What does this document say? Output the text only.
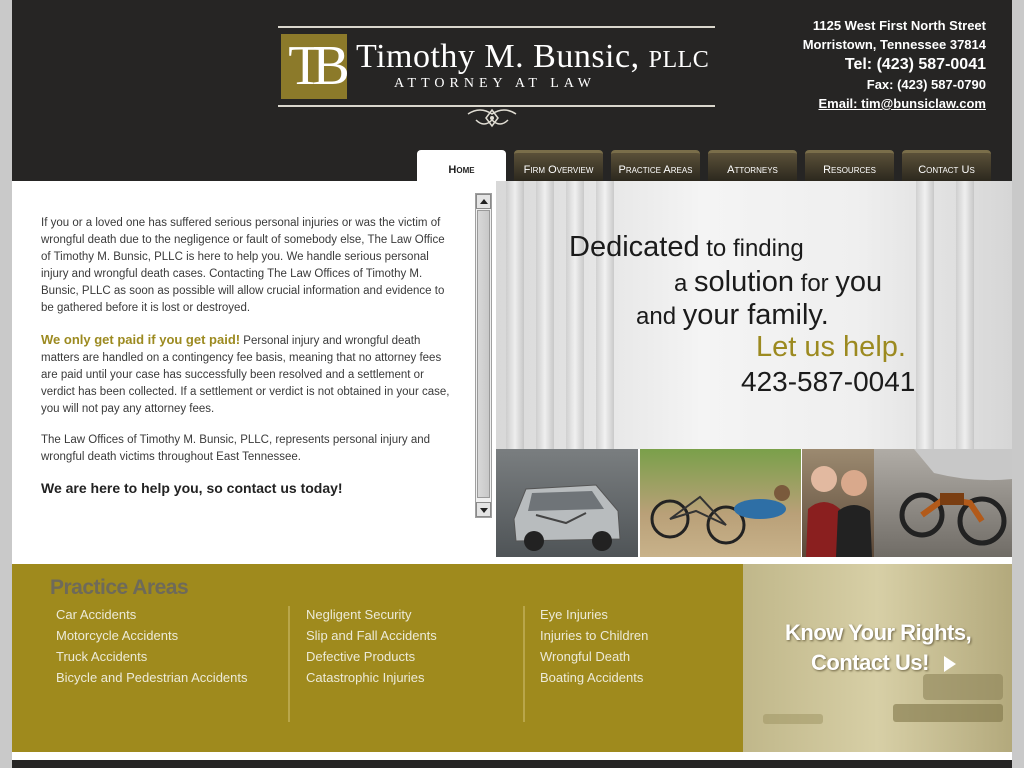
TB Timothy M. Bunsic, PLLC
ATTORNEY AT LAW
1125 West First North Street
Morristown, Tennessee 37814
Tel: (423) 587-0041
Fax: (423) 587-0790
Email: tim@bunsiclaw.com
Home	Firm Overview	Practice Areas	Attorneys	Resources	Contact Us

If you or a loved one has suffered serious personal injuries or was the victim of wrongful death due to the negligence or fault of somebody else, The Law Office of Timothy M. Bunsic, PLLC is here to help you. We handle serious personal injury and wrongful death cases. Contacting The Law Offices of Timothy M. Bunsic, PLLC as soon as possible will allow crucial information and evidence to be gathered before it is lost or destroyed.

We only get paid if you get paid! Personal injury and wrongful death matters are handled on a contingency fee basis, meaning that no attorney fees are paid until your case has successfully been resolved and a settlement or verdict has been collected. If a settlement or verdict is not obtained in your case, you will not pay any attorney fees.

The Law Offices of Timothy M. Bunsic, PLLC, represents personal injury and wrongful death victims throughout East Tennessee.

We are here to help you, so contact us today!

Dedicated to finding
a solution for you
and your family.
Let us help.
423-587-0041
Practice Areas
Car Accidents
Motorcycle Accidents
Truck Accidents
Bicycle and Pedestrian Accidents
Negligent Security
Slip and Fall Accidents
Defective Products
Catastrophic Injuries
Eye Injuries
Injuries to Children
Wrongful Death
Boating Accidents
Know Your Rights,
Contact Us!
